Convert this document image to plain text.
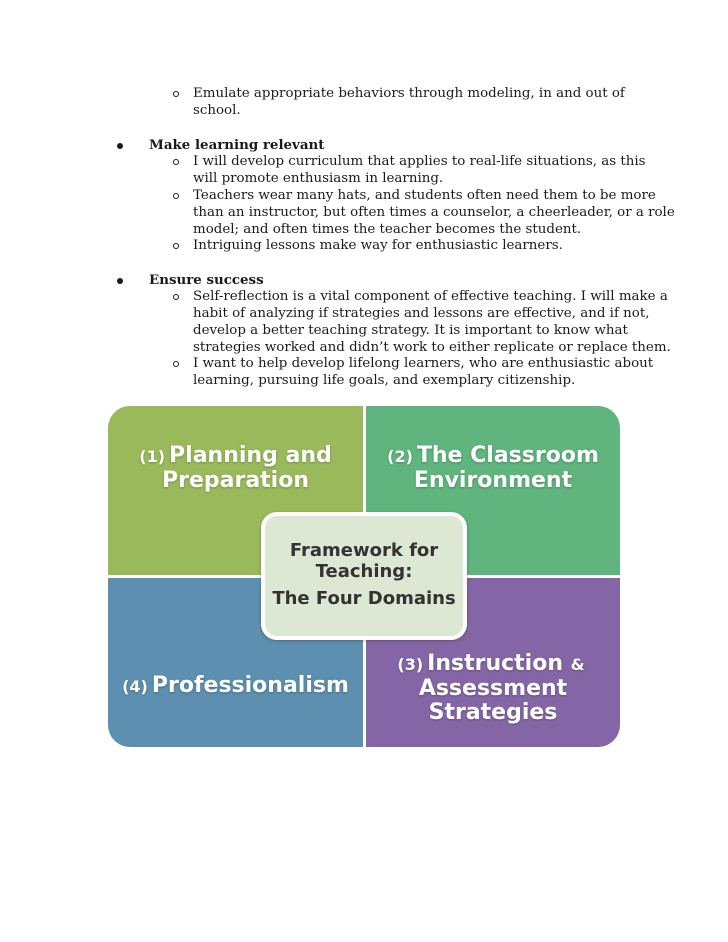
Emulate appropriate behaviors through modeling, in and out of
school.
Make learning relevant
I will develop curriculum that applies to real-life situations, as this
will promote enthusiasm in learning.
Teachers wear many hats, and students often need them to be more
than an instructor, but often times a counselor, a cheerleader, or a role
model; and often times the teacher becomes the student.
Intriguing lessons make way for enthusiastic learners.
Ensure success
Self-reflection is a vital component of effective teaching. I will make a
habit of analyzing if strategies and lessons are effective, and if not,
develop a better teaching strategy. It is important to know what
strategies worked and didn’t work to either replicate or replace them.
I want to help develop lifelong learners, who are enthusiastic about
learning, pursuing life goals, and exemplary citizenship.
(1) Planning and
Preparation
(2) The Classroom
Environment
(4) Professionalism
(3) Instruction &
Assessment
Strategies
Framework for
Teaching:
The Four Domains
